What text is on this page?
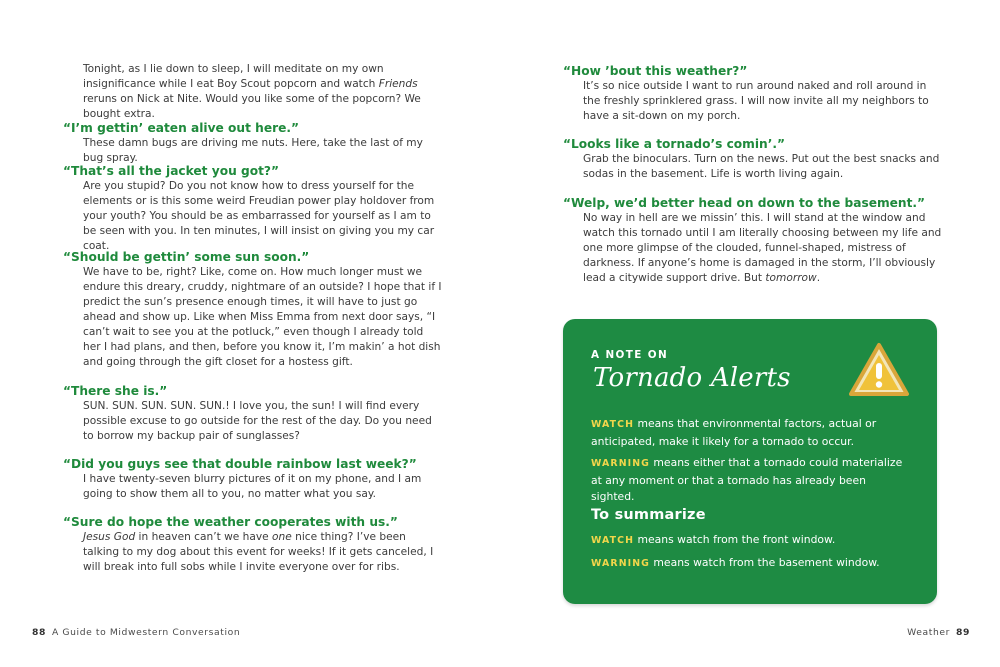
Tonight, as I lie down to sleep, I will meditate on my own insignificance while I eat Boy Scout popcorn and watch Friends reruns on Nick at Nite. Would you like some of the popcorn? We bought extra.

“I’m gettin’ eaten alive out here.”

These damn bugs are driving me nuts. Here, take the last of my bug spray.

“That’s all the jacket you got?”

Are you stupid? Do you not know how to dress yourself for the elements or is this some weird Freudian power play holdover from your youth? You should be as embarrassed for yourself as I am to be seen with you. In ten minutes, I will insist on giving you my car coat.

“Should be gettin’ some sun soon.”

We have to be, right? Like, come on. How much longer must we endure this dreary, cruddy, nightmare of an outside? I hope that if I predict the sun’s presence enough times, it will have to just go ahead and show up. Like when Miss Emma from next door says, “I can’t wait to see you at the potluck,” even though I already told her I had plans, and then, before you know it, I’m makin’ a hot dish and going through the gift closet for a hostess gift.

“There she is.”

SUN. SUN. SUN. SUN. SUN.! I love you, the sun! I will find every possible excuse to go outside for the rest of the day. Do you need to borrow my backup pair of sunglasses?

“Did you guys see that double rainbow last week?”

I have twenty-seven blurry pictures of it on my phone, and I am going to show them all to you, no matter what you say.

“Sure do hope the weather cooperates with us.”

Jesus God in heaven can’t we have one nice thing? I’ve been talking to my dog about this event for weeks! If it gets canceled, I will break into full sobs while I invite everyone over for ribs.

88 A Guide to Midwestern Conversation

“How ’bout this weather?”

It’s so nice outside I want to run around naked and roll around in the freshly sprinklered grass. I will now invite all my neighbors to have a sit-down on my porch.

“Looks like a tornado’s comin’.”

Grab the binoculars. Turn on the news. Put out the best snacks and sodas in the basement. Life is worth living again.

“Welp, we’d better head on down to the basement.”

No way in hell are we missin’ this. I will stand at the window and watch this tornado until I am literally choosing between my life and one more glimpse of the clouded, funnel-shaped, mistress of darkness. If anyone’s home is damaged in the storm, I’ll obviously lead a citywide support drive. But tomorrow.

A NOTE ON

Tornado Alerts

WATCH means that environmental factors, actual or anticipated, make it likely for a tornado to occur.

WARNING means either that a tornado could materialize at any moment or that a tornado has already been sighted.

To summarize

WATCH means watch from the front window.

WARNING means watch from the basement window.

Weather 89
